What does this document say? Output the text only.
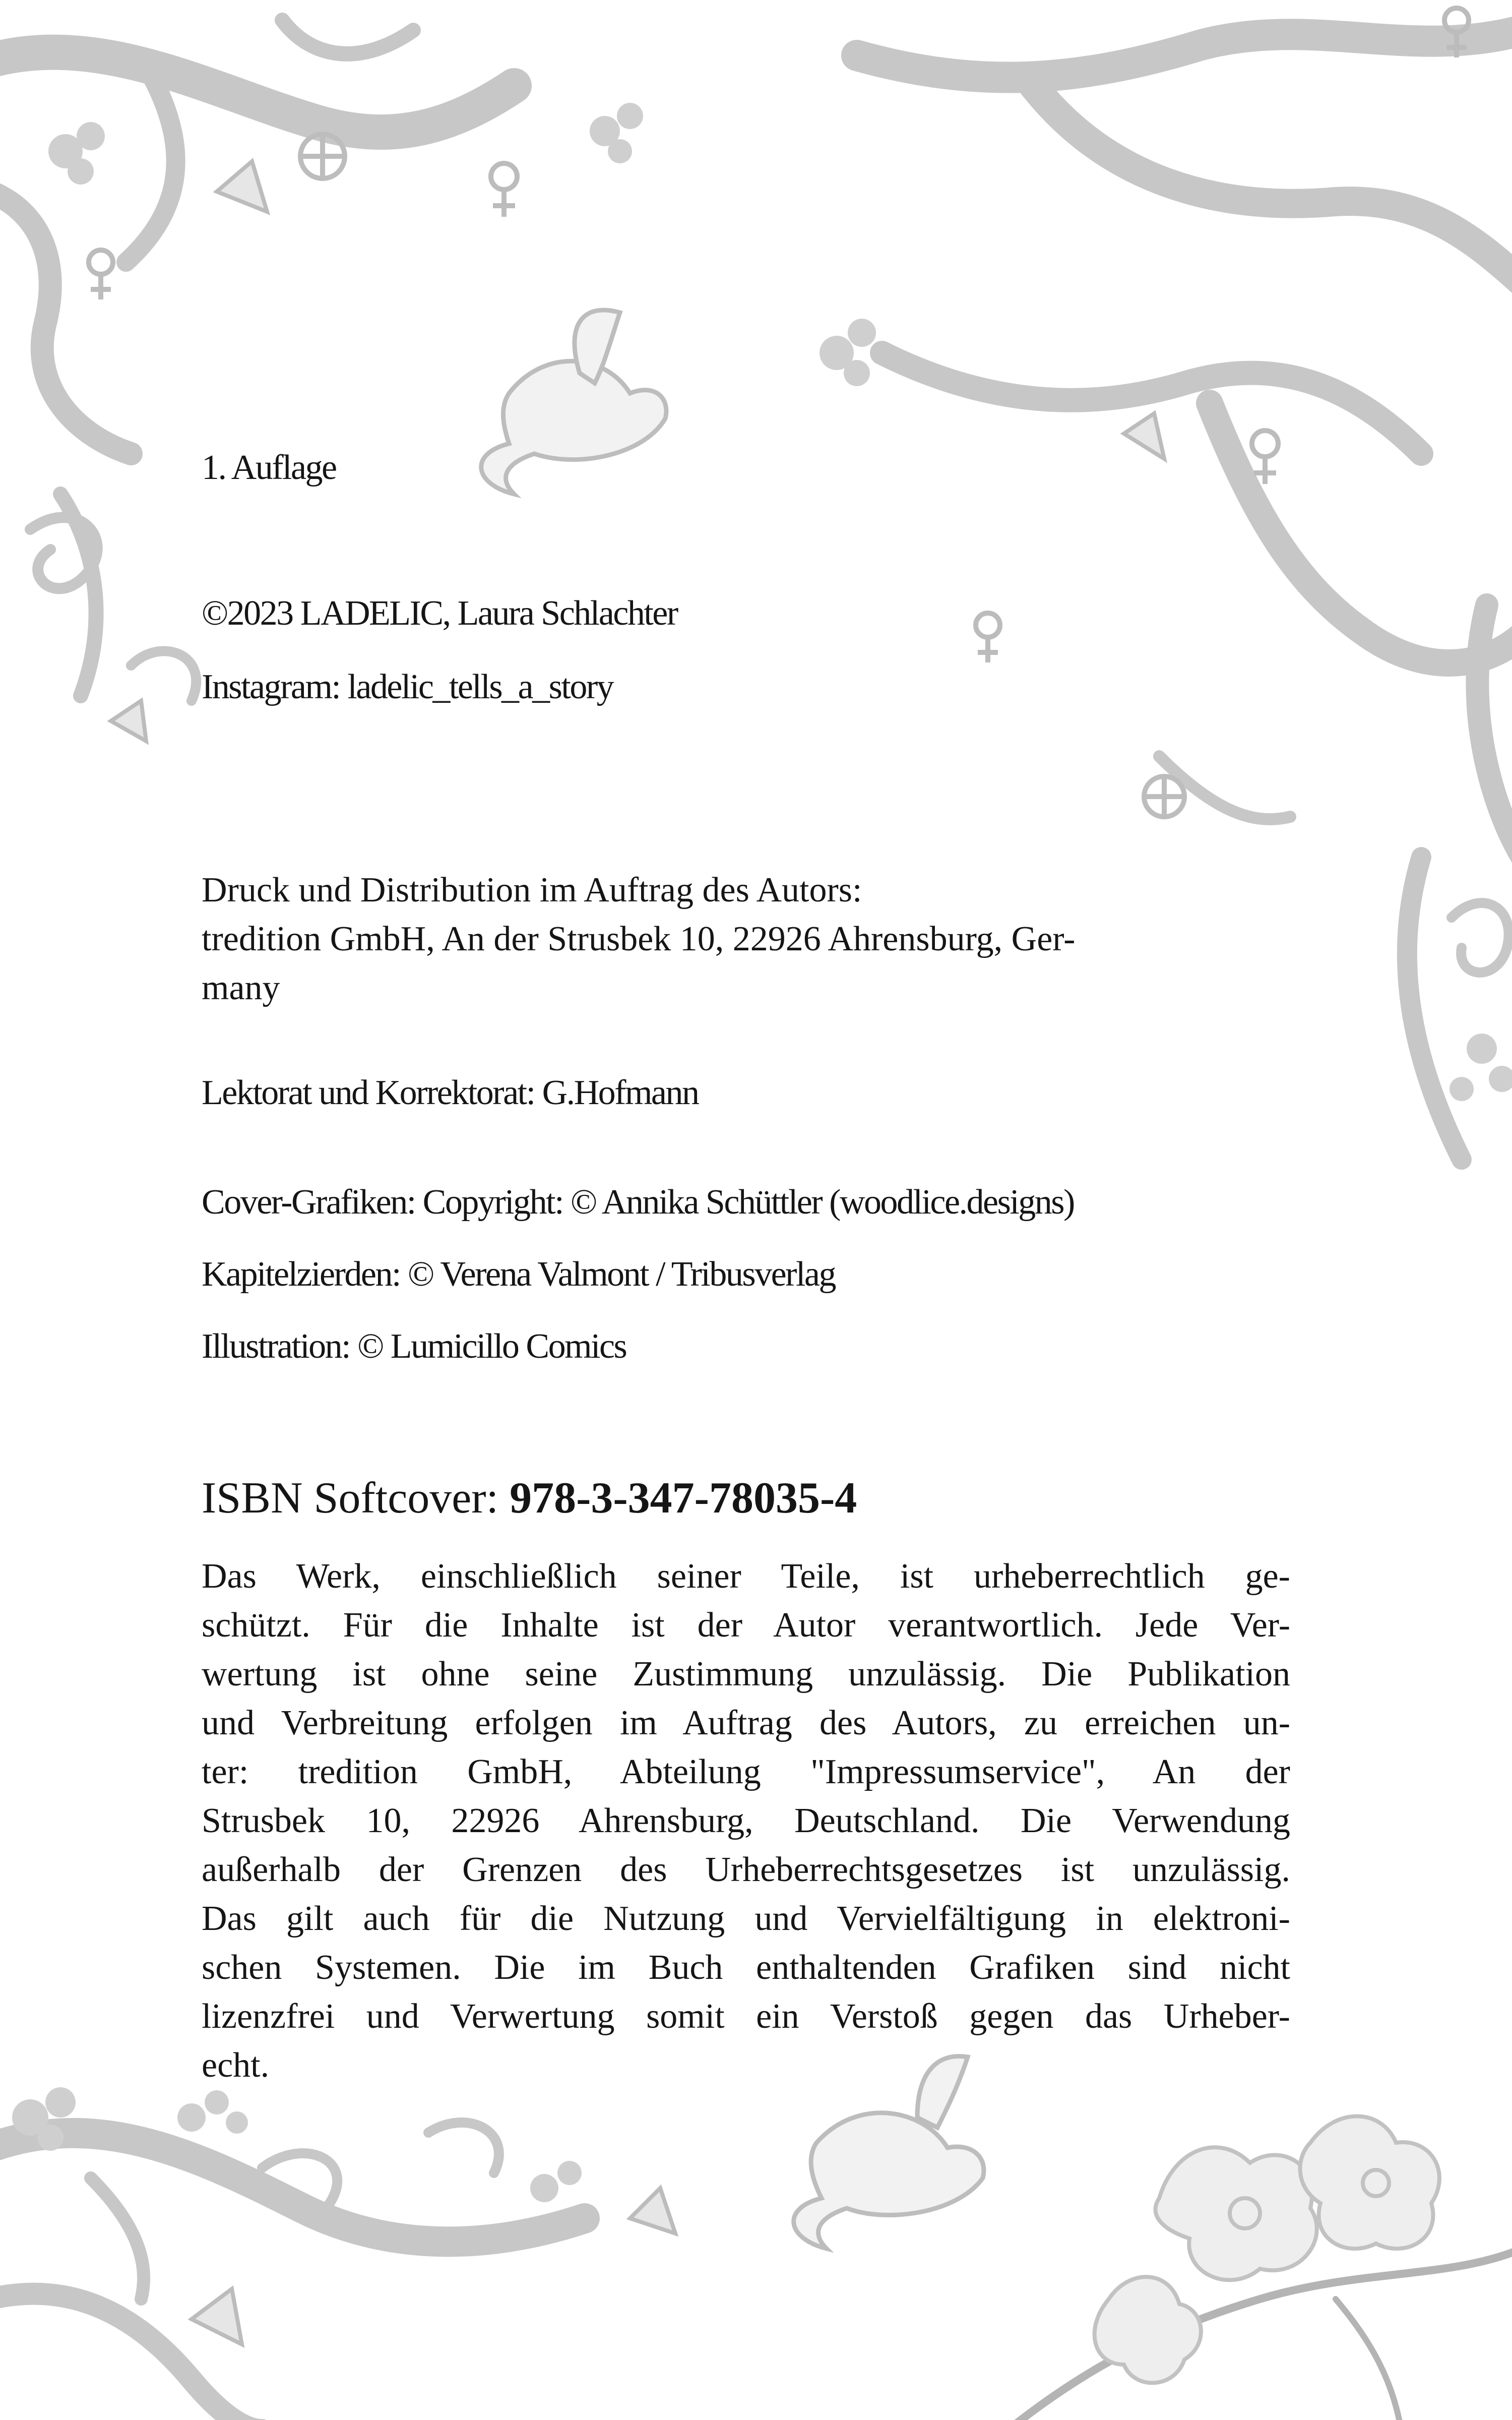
1. Auflage

©2023 LADELIC, Laura Schlachter

Instagram: ladelic_tells_a_story

Druck und Distribution im Auftrag des Autors:
tredition GmbH, An der Strusbek 10, 22926 Ahrensburg, Ger-
many

Lektorat und Korrektorat: G.Hofmann

Cover-Grafiken: Copyright: © Annika Schüttler (woodlice.designs)

Kapitelzierden: © Verena Valmont / Tribusverlag

Illustration: © Lumicillo Comics

ISBN Softcover: 978-3-347-78035-4

Das Werk, einschließlich seiner Teile, ist urheberrechtlich ge-
schützt. Für die Inhalte ist der Autor verantwortlich. Jede Ver-
wertung ist ohne seine Zustimmung unzulässig. Die Publikation
und Verbreitung erfolgen im Auftrag des Autors, zu erreichen un-
ter: tredition GmbH, Abteilung "Impressumservice", An der
Strusbek 10, 22926 Ahrensburg, Deutschland. Die Verwendung
außerhalb der Grenzen des Urheberrechtsgesetzes ist unzulässig.
Das gilt auch für die Nutzung und Vervielfältigung in elektroni-
schen Systemen. Die im Buch enthaltenden Grafiken sind nicht
lizenzfrei und Verwertung somit ein Verstoß gegen das Urheber-
echt.
